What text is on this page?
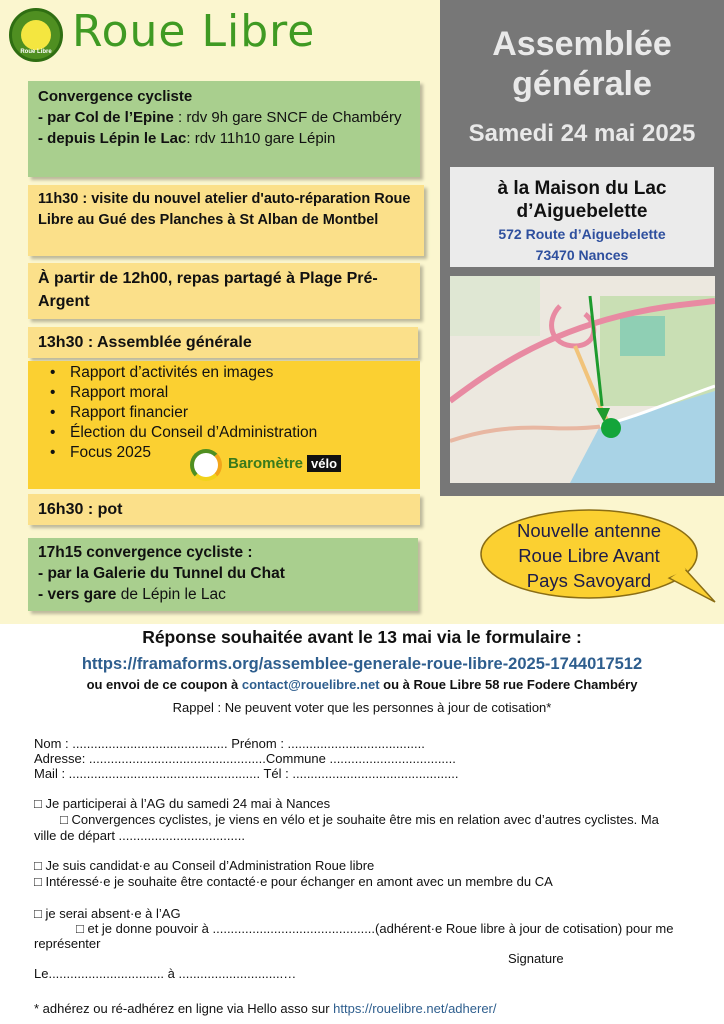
Roue Libre Roue Libre
Convergence cycliste
- par Col de l’Epine : rdv 9h gare SNCF de Chambéry
- depuis Lépin le Lac: rdv 11h10 gare Lépin
11h30 : visite du nouvel atelier d'auto-réparation Roue Libre au Gué des Planches à St Alban de Montbel
À partir de 12h00, repas partagé à Plage Pré-Argent
13h30 : Assemblée générale
• Rapport d’activités en images
• Rapport moral
• Rapport financier
• Élection du Conseil d’Administration
• Focus 2025
Baromètre vélo
16h30 : pot
17h15 convergence cycliste :
- par la Galerie du Tunnel du Chat
- vers gare de Lépin le Lac
Assemblée
générale
Samedi 24 mai 2025
à la Maison du Lac
d’Aiguebelette
572 Route d’Aiguebelette
73470 Nances
Nouvelle antenne
Roue Libre Avant
Pays Savoyard
Réponse souhaitée avant le 13 mai via le formulaire :
https://framaforms.org/assemblee-generale-roue-libre-2025-1744017512
ou envoi de ce coupon à contact@rouelibre.net ou à Roue Libre 58 rue Fodere Chambéry
Rappel : Ne peuvent voter que les personnes à jour de cotisation*
Nom : ........................................... Prénom : ......................................
Adresse: .................................................Commune ...................................
Mail : ..................................................... Tél : ..............................................
□ Je participerai à l’AG du samedi 24 mai à Nances
□ Convergences cyclistes, je viens en vélo et je souhaite être mis en relation avec d’autres cyclistes. Ma
ville de départ ...................................
□ Je suis candidat·e au Conseil d’Administration Roue libre
□ Intéressé·e je souhaite être contacté·e pour échanger en amont avec un membre du CA
□ je serai absent·e à l’AG
□ et je donne pouvoir à .............................................(adhérent·e Roue libre à jour de cotisation) pour me
représenter
Signature
Le................................ à .............................…
* adhérez ou ré-adhérez en ligne via Hello asso sur https://rouelibre.net/adherer/
